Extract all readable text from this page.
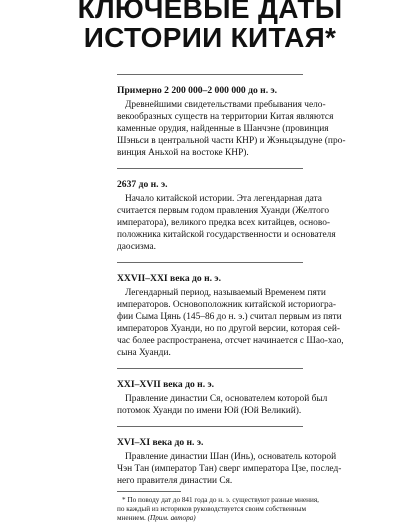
КЛЮЧЕВЫЕ ДАТЫ
ИСТОРИИ КИТАЯ*
Примерно 2 200 000–2 000 000 до н. э.
Древнейшими свидетельствами пребывания чело-
векообразных существ на территории Китая являются
каменные орудия, найденные в Шанчэне (провинция
Шэньси в центральной части КНР) и Жэньцзыдуне (про-
винция Аньхой на востоке КНР).
2637 до н. э.
Начало китайской истории. Эта легендарная дата
считается первым годом правления Хуанди (Желтого
императора), великого предка всех китайцев, осново-
положника китайской государственности и основателя
даосизма.
XXVII–XXI века до н. э.
Легендарный период, называемый Временем пяти
императоров. Основоположник китайской историогра-
фии Сыма Цянь (145–86 до н. э.) считал первым из пяти
императоров Хуанди, но по другой версии, которая сей-
час более распространена, отсчет начинается с Шао-хао,
сына Хуанди.
XXI–XVII века до н. э.
Правление династии Ся, основателем которой был
потомок Хуанди по имени Юй (Юй Великий).
XVI–XI века до н. э.
Правление династии Шан (Инь), основатель которой
Чэн Тан (император Тан) сверг императора Цзе, послед-
него правителя династии Ся.
* По поводу дат до 841 года до н. э. существуют разные мнения,
по каждый из историков руководствуется своим собственным
мнением. (Прим. автора)
